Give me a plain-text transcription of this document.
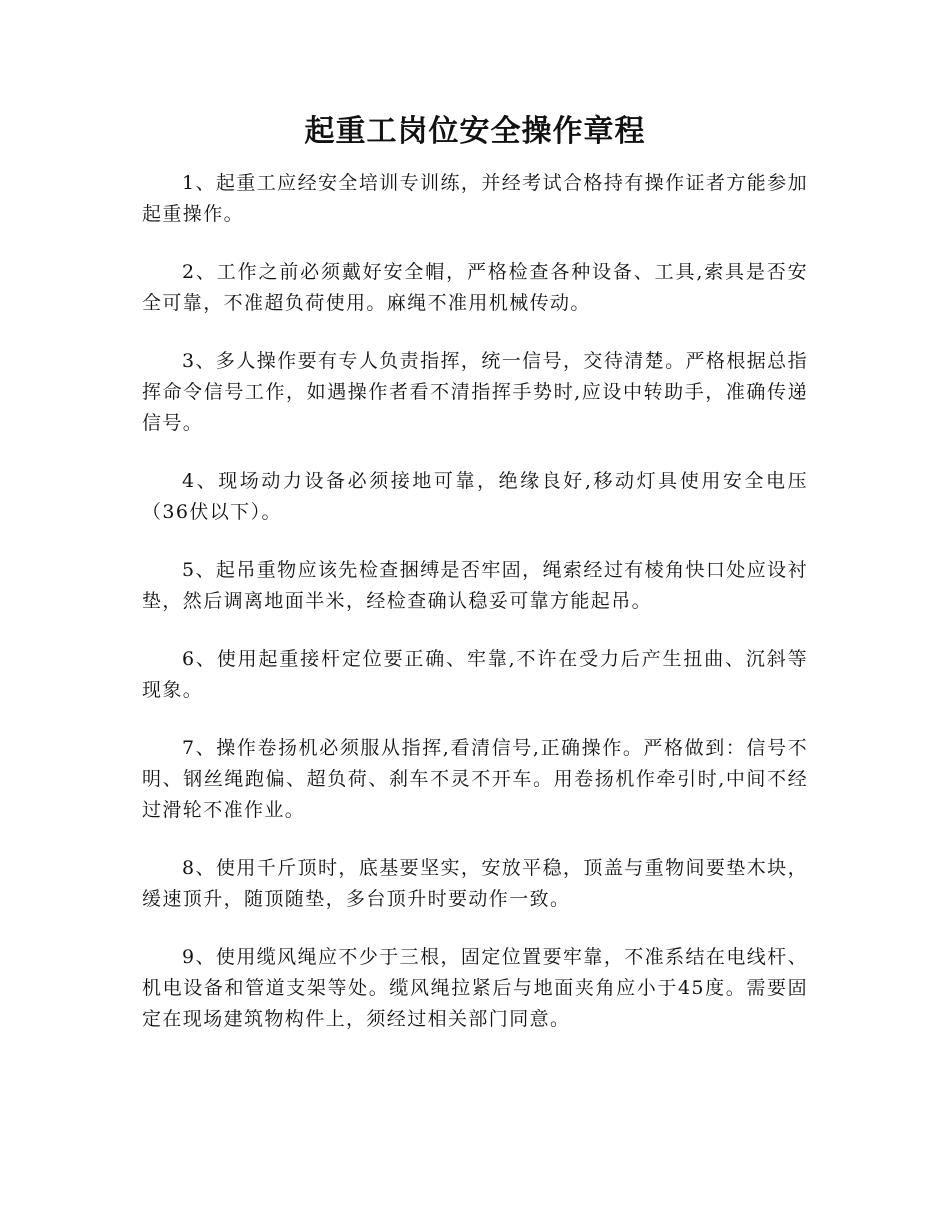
起重工岗位安全操作章程

1、起重工应经安全培训专训练，并经考试合格持有操作证者方能参加起重操作。

2、工作之前必须戴好安全帽，严格检查各种设备、工具,索具是否安全可靠，不准超负荷使用。麻绳不准用机械传动。

3、多人操作要有专人负责指挥，统一信号，交待清楚。严格根据总指挥命令信号工作，如遇操作者看不清指挥手势时,应设中转助手，准确传递信号。

4、现场动力设备必须接地可靠，绝缘良好,移动灯具使用安全电压（36伏以下）。

5、起吊重物应该先检查捆缚是否牢固，绳索经过有棱角快口处应设衬垫，然后调离地面半米，经检查确认稳妥可靠方能起吊。

6、使用起重接杆定位要正确、牢靠,不许在受力后产生扭曲、沉斜等现象。

7、操作卷扬机必须服从指挥,看清信号,正确操作。严格做到：信号不明、钢丝绳跑偏、超负荷、刹车不灵不开车。用卷扬机作牵引时,中间不经过滑轮不准作业。

8、使用千斤顶时，底基要坚实，安放平稳，顶盖与重物间要垫木块，缓速顶升，随顶随垫，多台顶升时要动作一致。

9、使用缆风绳应不少于三根，固定位置要牢靠，不准系结在电线杆、机电设备和管道支架等处。缆风绳拉紧后与地面夹角应小于45度。需要固定在现场建筑物构件上，须经过相关部门同意。
